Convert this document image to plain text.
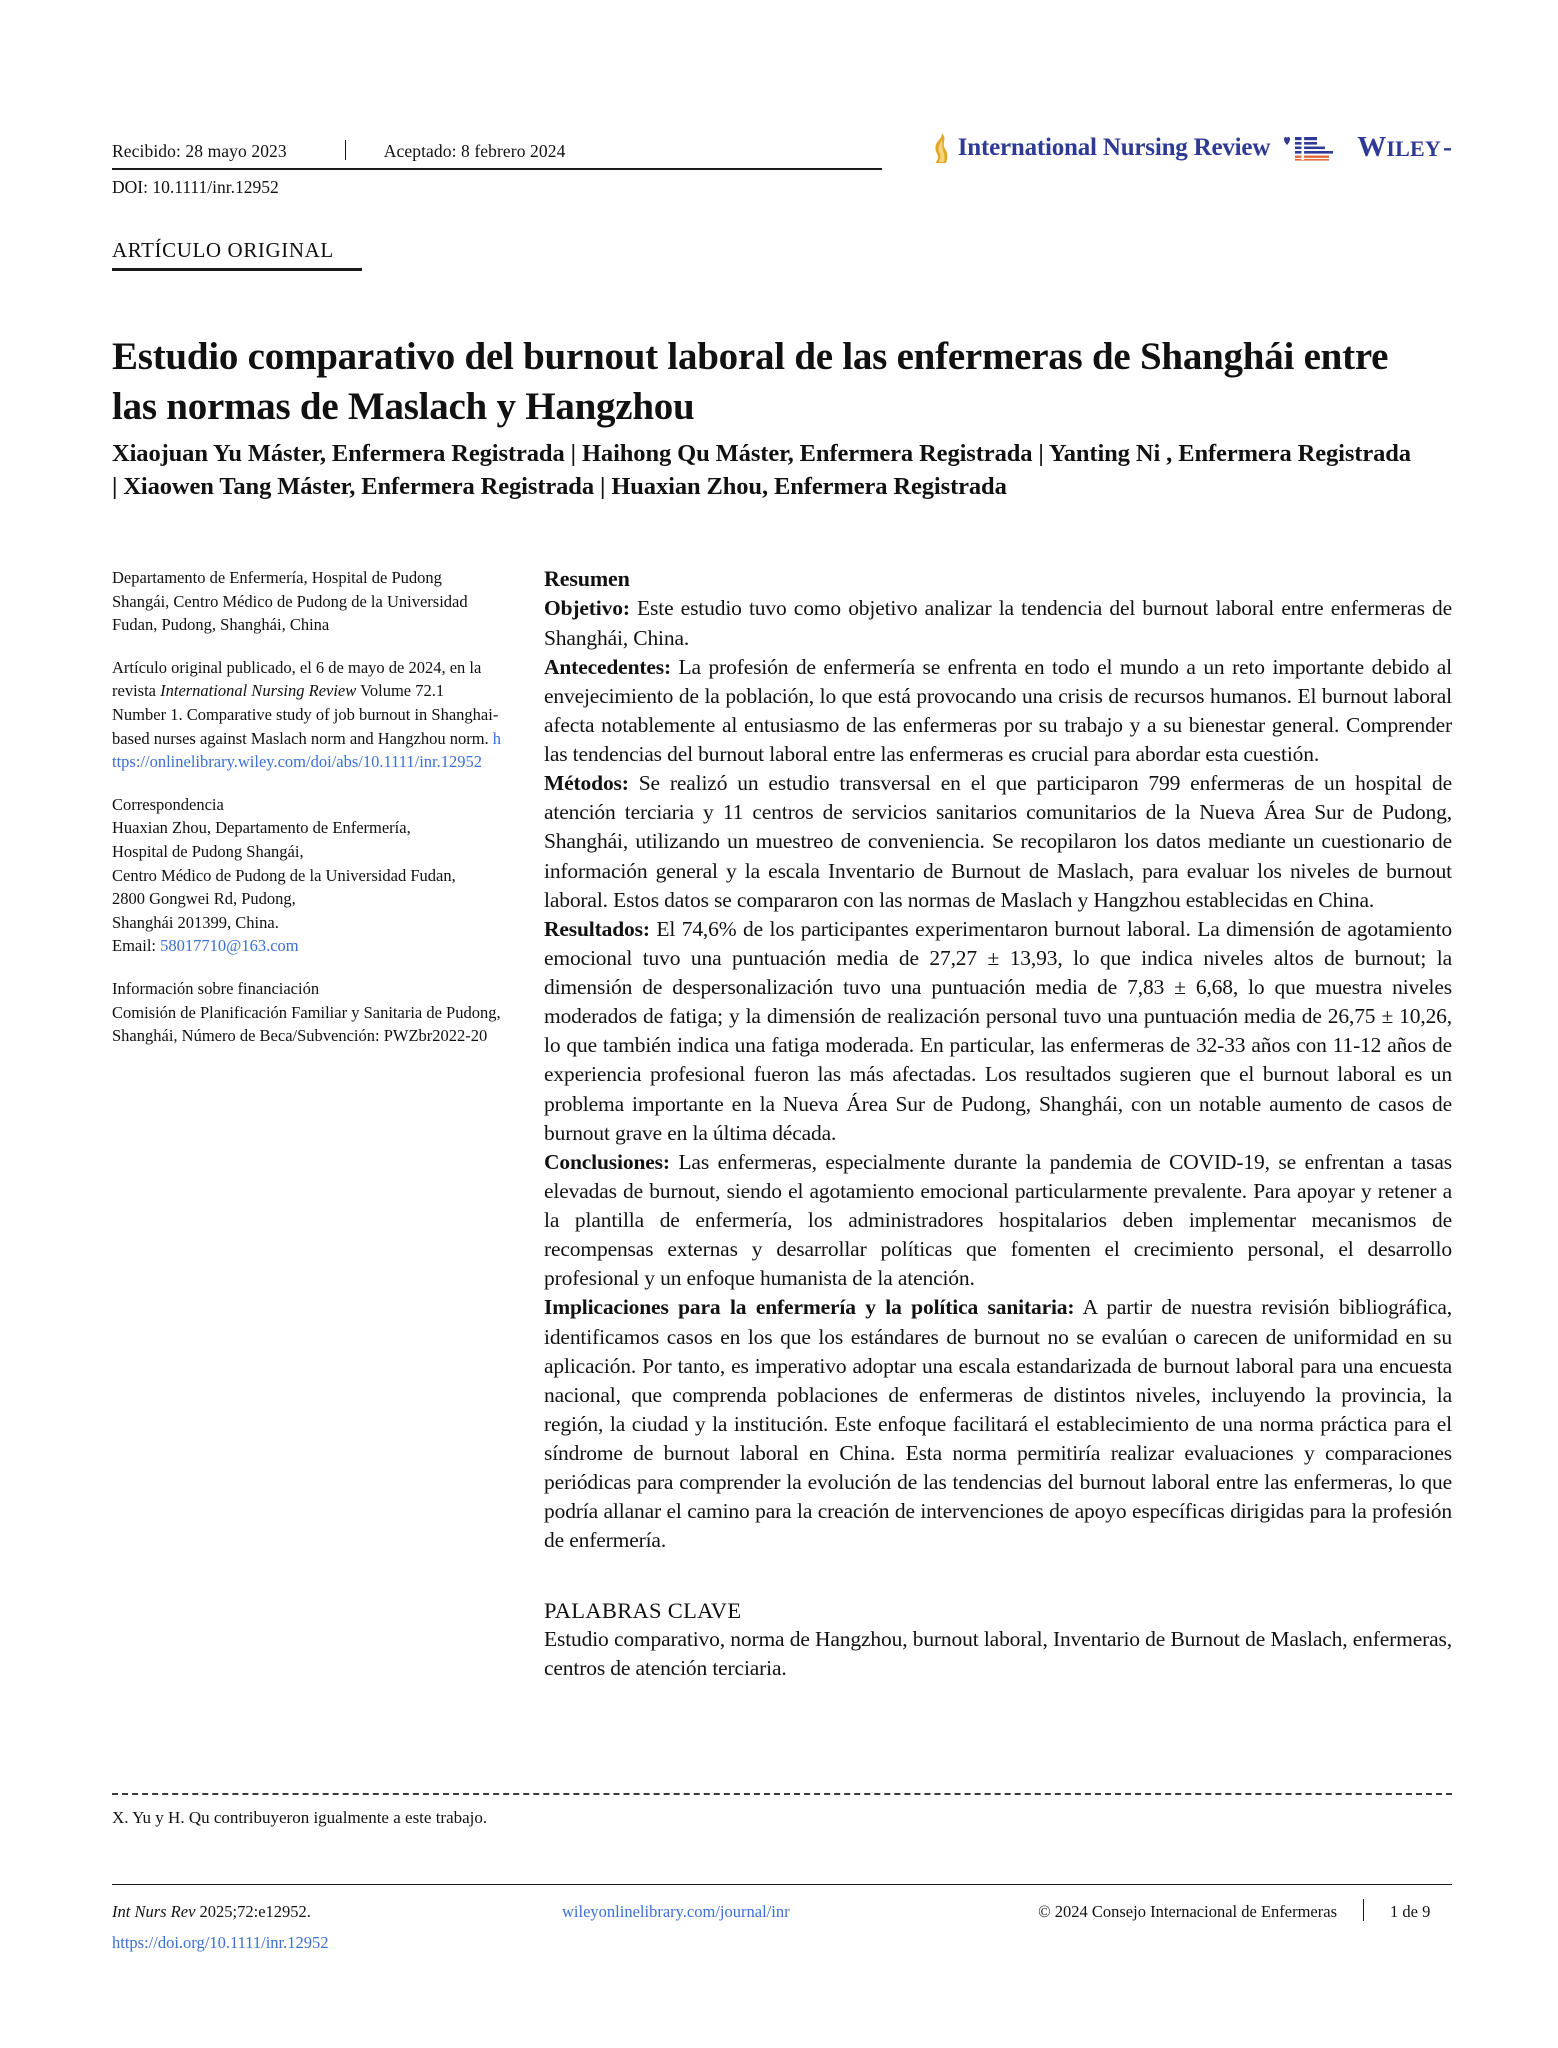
Recibido: 28 mayo 2023	Aceptado: 8 febrero 2024	International Nursing Review	WILEY -
DOI: 10.1111/inr.12952
ARTÍCULO ORIGINAL
Estudio comparativo del burnout laboral de las enfermeras de Shanghái entre las normas de Maslach y Hangzhou
Xiaojuan Yu Máster, Enfermera Registrada | Haihong Qu Máster, Enfermera Registrada | Yanting Ni , Enfermera Registrada | Xiaowen Tang Máster, Enfermera Registrada | Huaxian Zhou, Enfermera Registrada
Departamento de Enfermería, Hospital de Pudong Shangái, Centro Médico de Pudong de la Universidad Fudan, Pudong, Shanghái, China
Artículo original publicado, el 6 de mayo de 2024, en la revista International Nursing Review Volume 72.1 Number 1. Comparative study of job burnout in Shanghai-based nurses against Maslach norm and Hangzhou norm. https://onlinelibrary.wiley.com/doi/abs/10.1111/inr.12952
Correspondencia
Huaxian Zhou, Departamento de Enfermería,
Hospital de Pudong Shangái,
Centro Médico de Pudong de la Universidad Fudan,
2800 Gongwei Rd, Pudong,
Shanghái 201399, China.
Email: 58017710@163.com
Información sobre financiación
Comisión de Planificación Familiar y Sanitaria de Pudong, Shanghái, Número de Beca/Subvención: PWZbr2022-20
Resumen

Objetivo: Este estudio tuvo como objetivo analizar la tendencia del burnout laboral entre enfermeras de Shanghái, China.

Antecedentes: La profesión de enfermería se enfrenta en todo el mundo a un reto importante debido al envejecimiento de la población, lo que está provocando una crisis de recursos humanos. El burnout laboral afecta notablemente al entusiasmo de las enfermeras por su trabajo y a su bienestar general. Comprender las tendencias del burnout laboral entre las enfermeras es crucial para abordar esta cuestión.

Métodos: Se realizó un estudio transversal en el que participaron 799 enfermeras de un hospital de atención terciaria y 11 centros de servicios sanitarios comunitarios de la Nueva Área Sur de Pudong, Shanghái, utilizando un muestreo de conveniencia. Se recopilaron los datos mediante un cuestionario de información general y la escala Inventario de Burnout de Maslach, para evaluar los niveles de burnout laboral. Estos datos se compararon con las normas de Maslach y Hangzhou establecidas en China.

Resultados: El 74,6% de los participantes experimentaron burnout laboral. La dimensión de agotamiento emocional tuvo una puntuación media de 27,27 ± 13,93, lo que indica niveles altos de burnout; la dimensión de despersonalización tuvo una puntuación media de 7,83 ± 6,68, lo que muestra niveles moderados de fatiga; y la dimensión de realización personal tuvo una puntuación media de 26,75 ± 10,26, lo que también indica una fatiga moderada. En particular, las enfermeras de 32-33 años con 11-12 años de experiencia profesional fueron las más afectadas. Los resultados sugieren que el burnout laboral es un problema importante en la Nueva Área Sur de Pudong, Shanghái, con un notable aumento de casos de burnout grave en la última década.

Conclusiones: Las enfermeras, especialmente durante la pandemia de COVID-19, se enfrentan a tasas elevadas de burnout, siendo el agotamiento emocional particularmente prevalente. Para apoyar y retener a la plantilla de enfermería, los administradores hospitalarios deben implementar mecanismos de recompensas externas y desarrollar políticas que fomenten el crecimiento personal, el desarrollo profesional y un enfoque humanista de la atención.

Implicaciones para la enfermería y la política sanitaria: A partir de nuestra revisión bibliográfica, identificamos casos en los que los estándares de burnout no se evalúan o carecen de uniformidad en su aplicación. Por tanto, es imperativo adoptar una escala estandarizada de burnout laboral para una encuesta nacional, que comprenda poblaciones de enfermeras de distintos niveles, incluyendo la provincia, la región, la ciudad y la institución. Este enfoque facilitará el establecimiento de una norma práctica para el síndrome de burnout laboral en China. Esta norma permitiría realizar evaluaciones y comparaciones periódicas para comprender la evolución de las tendencias del burnout laboral entre las enfermeras, lo que podría allanar el camino para la creación de intervenciones de apoyo específicas dirigidas para la profesión de enfermería.

PALABRAS CLAVE

Estudio comparativo, norma de Hangzhou, burnout laboral, Inventario de Burnout de Maslach, enfermeras, centros de atención terciaria.

X. Yu y H. Qu contribuyeron igualmente a este trabajo.
Int Nurs Rev 2025;72:e12952.	wileyonlinelibrary.com/journal/inr	© 2024 Consejo Internacional de Enfermeras	1 de 9
https://doi.org/10.1111/inr.12952
